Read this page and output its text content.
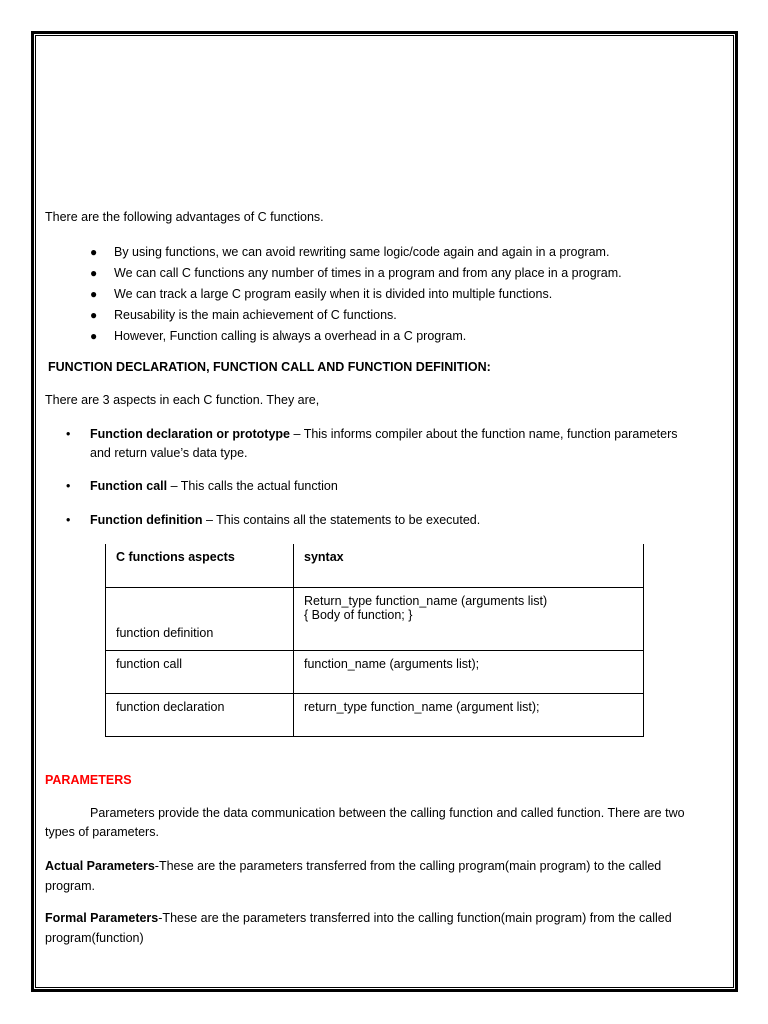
There are the following advantages of C functions.
● By using functions, we can avoid rewriting same logic/code again and again in a program.
● We can call C functions any number of times in a program and from any place in a program.
● We can track a large C program easily when it is divided into multiple functions.
● Reusability is the main achievement of C functions.
● However, Function calling is always a overhead in a C program.
FUNCTION DECLARATION, FUNCTION CALL AND FUNCTION DEFINITION:
There are 3 aspects in each C function. They are,
• Function declaration or prototype – This informs compiler about the function name, function parameters
and return value’s data type.
• Function call – This calls the actual function
• Function definition – This contains all the statements to be executed.
C functions aspects	syntax
function definition	Return_type function_name (arguments list)
{ Body of function; }
function call	function_name (arguments list);
function declaration	return_type function_name (argument list);
PARAMETERS
Parameters provide the data communication between the calling function and called function. There are two
types of parameters.
Actual Parameters-These are the parameters transferred from the calling program(main program) to the called
program.
Formal Parameters-These are the parameters transferred into the calling function(main program) from the called
program(function)
